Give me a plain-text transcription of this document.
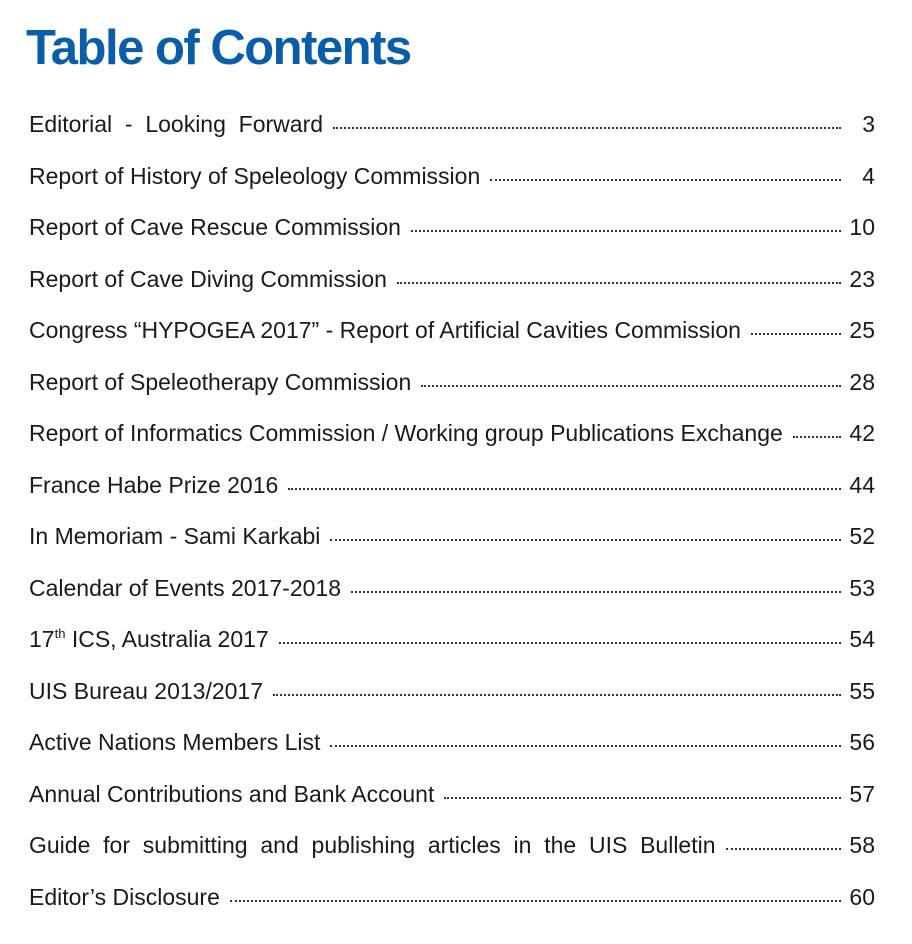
Table of Contents
Editorial  -  Looking  Forward	3
Report of History of Speleology Commission	4
Report of Cave Rescue Commission	10
Report of Cave Diving Commission	23
Congress “HYPOGEA 2017” - Report of Artificial Cavities Commission	25
Report of Speleotherapy Commission	28
Report of Informatics Commission / Working group Publications Exchange	42
France Habe Prize 2016	44
In Memoriam - Sami Karkabi	52
Calendar of Events 2017-2018	53
17th ICS, Australia 2017	54
UIS Bureau 2013/2017	55
Active Nations Members List	56
Annual Contributions and Bank Account	57
Guide  for  submitting  and  publishing  articles  in  the  UIS  Bulletin	58
Editor’s Disclosure	60
